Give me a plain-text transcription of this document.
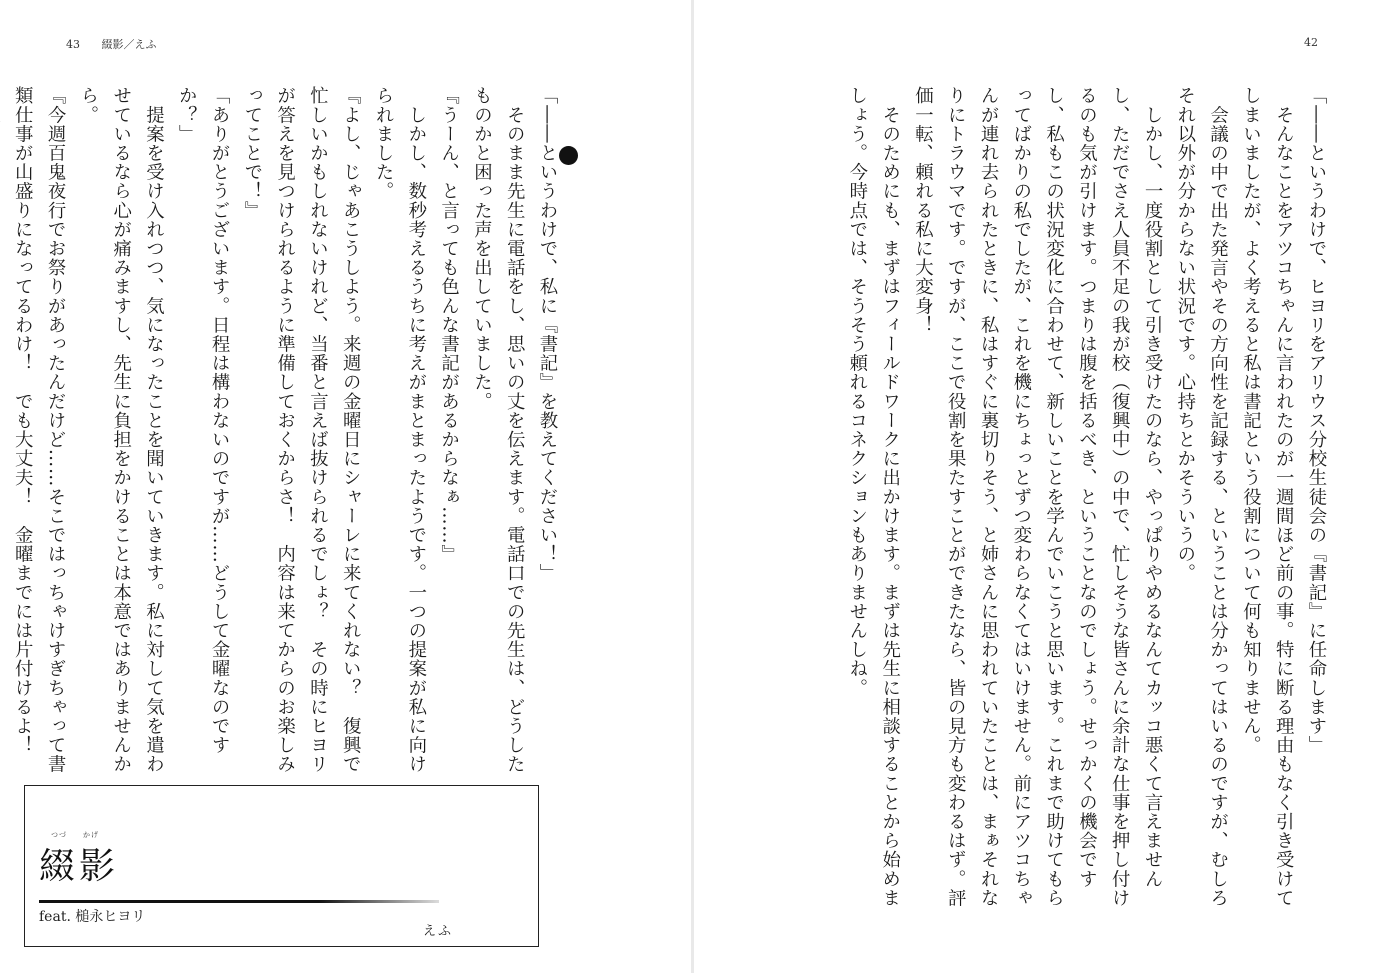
43 綴影／えふ

「――というわけで、私に『書記』を教えてください！」

　そのまま先生に電話をし、思いの丈を伝えます。電話口での先生は、どうしたものかと困った声を出していました。

『うーん、と言っても色んな書記があるからなぁ……』

　しかし、数秒考えるうちに考えがまとまったようです。一つの提案が私に向けられました。

『よし、じゃあこうしよう。来週の金曜日にシャーレに来てくれない？　復興で忙しいかもしれないけれど、当番と言えば抜けられるでしょ？　その時にヒヨリが答えを見つけられるように準備しておくからさ！　内容は来てからのお楽しみってことで！』

「ありがとうございます。日程は構わないのですが……どうして金曜なのですか？」

　提案を受け入れつつ、気になったことを聞いていきます。私に対して気を遣わせているなら心が痛みますし、先生に負担をかけることは本意ではありませんから。

『今週百鬼夜行でお祭りがあったんだけど……そこではっちゃけすぎちゃって書類仕事が山盛りになってるわけ！　でも大丈夫！　金曜までには片付けるよ！　

つづ かげ
綴影
feat. 槌永ヒヨリ
えふ
42

「――というわけで、ヒヨリをアリウス分校生徒会の『書記』に任命します」

　そんなことをアツコちゃんに言われたのが一週間ほど前の事。特に断る理由もなく引き受けてしまいましたが、よく考えると私は書記という役割について何も知りません。

　会議の中で出た発言やその方向性を記録する、ということは分かってはいるのですが、むしろそれ以外が分からない状況です。心持ちとかそういうの。

　しかし、一度役割として引き受けたのなら、やっぱりやめるなんてカッコ悪くて言えませんし、ただでさえ人員不足の我が校（復興中）の中で、忙しそうな皆さんに余計な仕事を押し付けるのも気が引けます。つまりは腹を括るべき、ということなのでしょう。せっかくの機会ですし、私もこの状況変化に合わせて、新しいことを学んでいこうと思います。これまで助けてもらってばかりの私でしたが、これを機にちょっとずつ変わらなくてはいけません。前にアツコちゃんが連れ去られたときに、私はすぐに裏切りそう、と姉さんに思われていたことは、まぁそれなりにトラウマです。ですが、ここで役割を果たすことができたなら、皆の見方も変わるはず。評価一転、頼れる私に大変身！

　そのためにも、まずはフィールドワークに出かけます。まずは先生に相談することから始めましょう。今時点では、そうそう頼れるコネクションもありませんしね。
